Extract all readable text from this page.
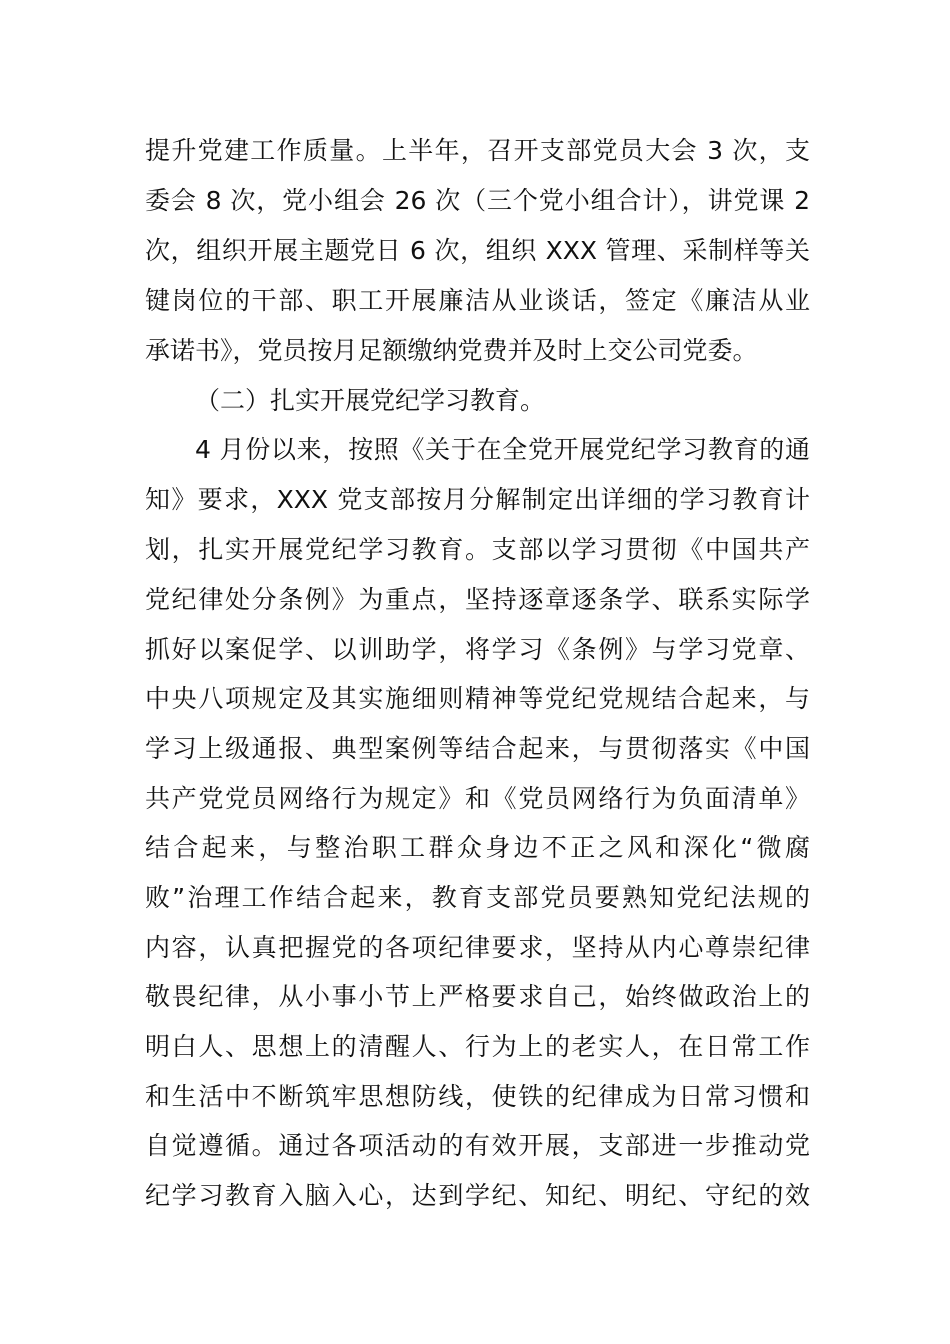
提升党建工作质量。上半年，召开支部党员大会 3 次，支
委会 8 次，党小组会 26 次（三个党小组合计），讲党课 2
次，组织开展主题党日 6 次，组织 XXX 管理、采制样等关
键岗位的干部、职工开展廉洁从业谈话，签定《廉洁从业
承诺书》，党员按月足额缴纳党费并及时上交公司党委。
（二）扎实开展党纪学习教育。
4 月份以来，按照《关于在全党开展党纪学习教育的通
知》要求，XXX 党支部按月分解制定出详细的学习教育计
划，扎实开展党纪学习教育。支部以学习贯彻《中国共产
党纪律处分条例》为重点，坚持逐章逐条学、联系实际学
抓好以案促学、以训助学，将学习《条例》与学习党章、
中央八项规定及其实施细则精神等党纪党规结合起来，与
学习上级通报、典型案例等结合起来，与贯彻落实《中国
共产党党员网络行为规定》和《党员网络行为负面清单》
结合起来，与整治职工群众身边不正之风和深化“微腐
败”治理工作结合起来，教育支部党员要熟知党纪法规的
内容，认真把握党的各项纪律要求，坚持从内心尊崇纪律
敬畏纪律，从小事小节上严格要求自己，始终做政治上的
明白人、思想上的清醒人、行为上的老实人，在日常工作
和生活中不断筑牢思想防线，使铁的纪律成为日常习惯和
自觉遵循。通过各项活动的有效开展，支部进一步推动党
纪学习教育入脑入心，达到学纪、知纪、明纪、守纪的效
